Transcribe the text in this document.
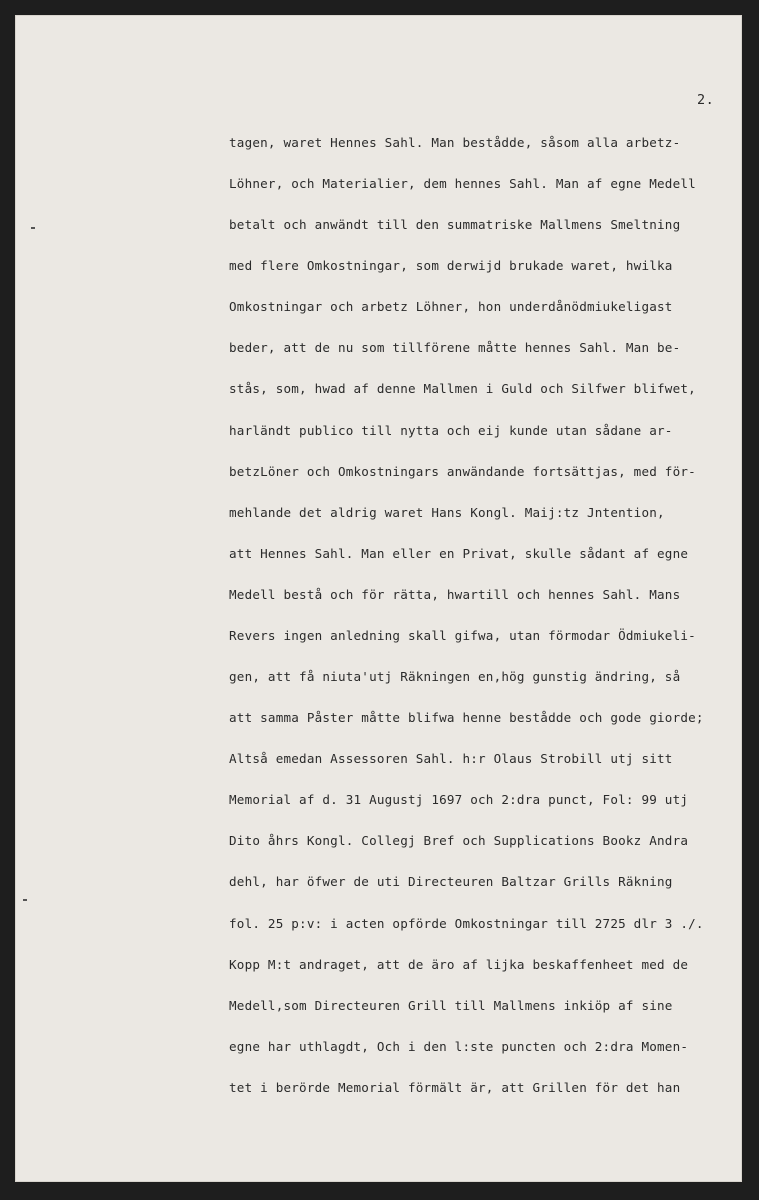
2.
tagen, waret Hennes Sahl. Man bestådde, såsom alla arbetz-
Löhner, och Materialier, dem hennes Sahl. Man af egne Medell
betalt och anwändt till den summatriske Mallmens Smeltning
med flere Omkostningar, som derwijd brukade waret, hwilka
Omkostningar och arbetz Löhner, hon underdånödmiukeligast
beder, att de nu som tillförene måtte hennes Sahl. Man be-
stås, som, hwad af denne Mallmen i Guld och Silfwer blifwet,
harländt publico till nytta och eij kunde utan sådane ar-
betzLöner och Omkostningars anwändande fortsättjas, med för-
mehlande det aldrig waret Hans Kongl. Maij:tz Jntention,
att Hennes Sahl. Man eller en Privat, skulle sådant af egne
Medell bestå och för rätta, hwartill och hennes Sahl. Mans
Revers ingen anledning skall gifwa, utan förmodar Ödmiukeli-
gen, att få niuta'utj Räkningen en,hög gunstig ändring, så
att samma Påster måtte blifwa henne beståddе och gode giorde;
Altså emedan Assessoren Sahl. h:r Olaus Strobill utj sitt
Memorial af d. 31 Augustj 1697 och 2:dra punct, Fol: 99 utj
Dito åhrs Kongl. Collegj Bref och Supplications Bookz Andra
dehl, har öfwer de uti Directeuren Baltzar Grills Räkning
fol. 25 p:v: i acten opförde Omkostningar till 2725 dlr 3 ./.
Kopp M:t andraget, att de äro af lijka beskaffenheet med de
Medell,som Directeuren Grill till Mallmens inkiöp af sine
egne har uthlagdt, Och i den l:ste puncten och 2:dra Momen-
tet i berörde Memorial förmält är, att Grillen för det han
